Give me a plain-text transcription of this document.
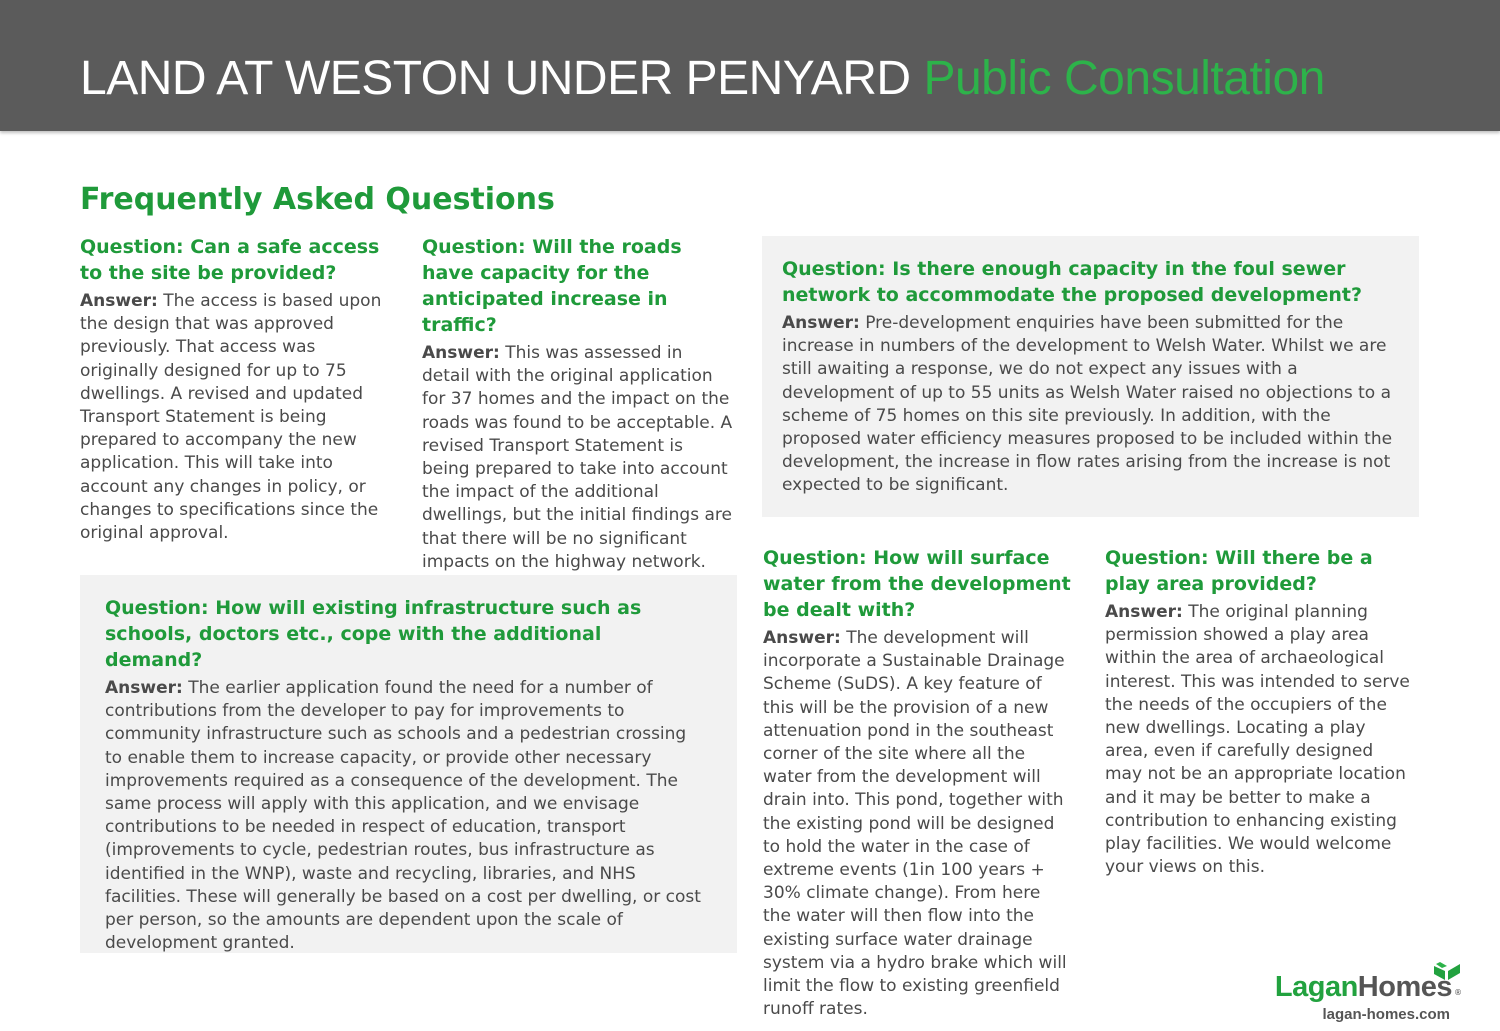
LAND AT WESTON UNDER PENYARD Public Consultation
Frequently Asked Questions

Question: Can a safe access to the site be provided?

Answer: The access is based upon the design that was approved previously. That access was originally designed for up to 75 dwellings. A revised and updated Transport Statement is being prepared to accompany the new application. This will take into account any changes in policy, or changes to specifications since the original approval.

Question: Will the roads have capacity for the anticipated increase in traffic?

Answer: This was assessed in detail with the original application for 37 homes and the impact on the roads was found to be acceptable. A revised Transport Statement is being prepared to take into account the impact of the additional dwellings, but the initial findings are that there will be no significant impacts on the highway network.

Question: Is there enough capacity in the foul sewer network to accommodate the proposed development?

Answer: Pre-development enquiries have been submitted for the increase in numbers of the development to Welsh Water. Whilst we are still awaiting a response, we do not expect any issues with a development of up to 55 units as Welsh Water raised no objections to a scheme of 75 homes on this site previously. In addition, with the proposed water efficiency measures proposed to be included within the development, the increase in flow rates arising from the increase is not expected to be significant.

Question: How will existing infrastructure such as schools, doctors etc., cope with the additional demand?

Answer: The earlier application found the need for a number of contributions from the developer to pay for improvements to community infrastructure such as schools and a pedestrian crossing to enable them to increase capacity, or provide other necessary improvements required as a consequence of the development. The same process will apply with this application, and we envisage contributions to be needed in respect of education, transport (improvements to cycle, pedestrian routes, bus infrastructure as identified in the WNP), waste and recycling, libraries, and NHS facilities. These will generally be based on a cost per dwelling, or cost per person, so the amounts are dependent upon the scale of development granted.

Question: How will surface water from the development be dealt with?

Answer: The development will incorporate a Sustainable Drainage Scheme (SuDS). A key feature of this will be the provision of a new attenuation pond in the southeast corner of the site where all the water from the development will drain into. This pond, together with the existing pond will be designed to hold the water in the case of extreme events (1in 100 years + 30% climate change). From here the water will then flow into the existing surface water drainage system via a hydro brake which will limit the flow to existing greenfield runoff rates.

Question: Will there be a play area provided?

Answer: The original planning permission showed a play area within the area of archaeological interest. This was intended to serve the needs of the occupiers of the new dwellings. Locating a play area, even if carefully designed may not be an appropriate location and it may be better to make a contribution to enhancing existing play facilities. We would welcome your views on this.

LaganHomes ®
lagan-homes.com
